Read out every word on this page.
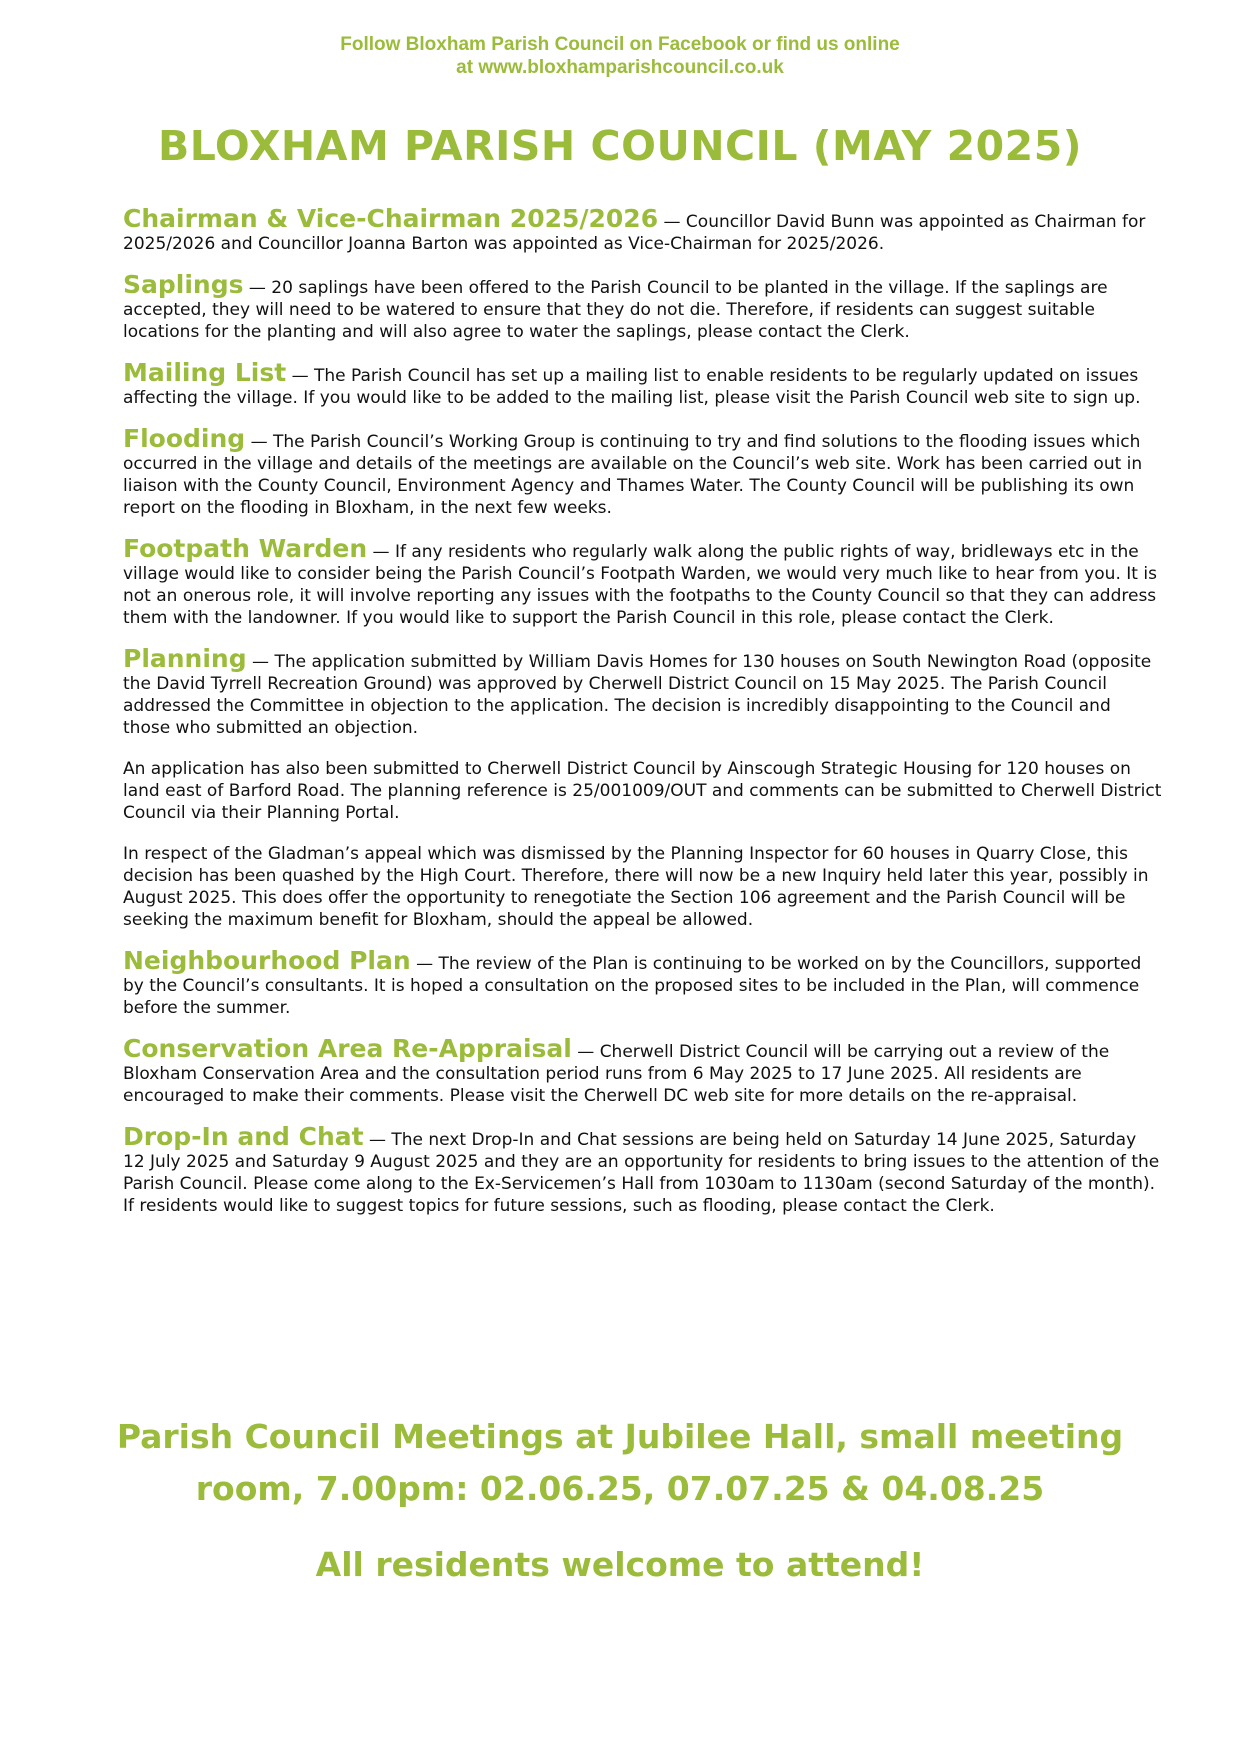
Follow Bloxham Parish Council on Facebook or find us online
at www.bloxhamparishcouncil.co.uk
BLOXHAM PARISH COUNCIL (MAY 2025)

Chairman & Vice-Chairman 2025/2026 — Councillor David Bunn was appointed as Chairman for 2025/2026 and Councillor Joanna Barton was appointed as Vice-Chairman for 2025/2026.

Saplings — 20 saplings have been offered to the Parish Council to be planted in the village. If the saplings are accepted, they will need to be watered to ensure that they do not die. Therefore, if residents can suggest suitable locations for the planting and will also agree to water the saplings, please contact the Clerk.

Mailing List — The Parish Council has set up a mailing list to enable residents to be regularly updated on issues affecting the village. If you would like to be added to the mailing list, please visit the Parish Council web site to sign up.

Flooding — The Parish Council’s Working Group is continuing to try and find solutions to the flooding issues which occurred in the village and details of the meetings are available on the Council’s web site. Work has been carried out in liaison with the County Council, Environment Agency and Thames Water. The County Council will be publishing its own report on the flooding in Bloxham, in the next few weeks.

Footpath Warden — If any residents who regularly walk along the public rights of way, bridleways etc in the village would like to consider being the Parish Council’s Footpath Warden, we would very much like to hear from you. It is not an onerous role, it will involve reporting any issues with the footpaths to the County Council so that they can address them with the landowner. If you would like to support the Parish Council in this role, please contact the Clerk.

Planning — The application submitted by William Davis Homes for 130 houses on South Newington Road (opposite the David Tyrrell Recreation Ground) was approved by Cherwell District Council on 15 May 2025. The Parish Council addressed the Committee in objection to the application. The decision is incredibly disappointing to the Council and those who submitted an objection.

An application has also been submitted to Cherwell District Council by Ainscough Strategic Housing for 120 houses on land east of Barford Road. The planning reference is 25/001009/OUT and comments can be submitted to Cherwell District Council via their Planning Portal.

In respect of the Gladman’s appeal which was dismissed by the Planning Inspector for 60 houses in Quarry Close, this decision has been quashed by the High Court. Therefore, there will now be a new Inquiry held later this year, possibly in August 2025. This does offer the opportunity to renegotiate the Section 106 agreement and the Parish Council will be seeking the maximum benefit for Bloxham, should the appeal be allowed.

Neighbourhood Plan — The review of the Plan is continuing to be worked on by the Councillors, supported by the Council’s consultants. It is hoped a consultation on the proposed sites to be included in the Plan, will commence before the summer.

Conservation Area Re-Appraisal — Cherwell District Council will be carrying out a review of the Bloxham Conservation Area and the consultation period runs from 6 May 2025 to 17 June 2025. All residents are encouraged to make their comments. Please visit the Cherwell DC web site for more details on the re-appraisal.

Drop-In and Chat — The next Drop-In and Chat sessions are being held on Saturday 14 June 2025, Saturday 12 July 2025 and Saturday 9 August 2025 and they are an opportunity for residents to bring issues to the attention of the Parish Council. Please come along to the Ex-Servicemen’s Hall from 1030am to 1130am (second Saturday of the month). If residents would like to suggest topics for future sessions, such as flooding, please contact the Clerk.

Parish Council Meetings at Jubilee Hall, small meeting
room, 7.00pm: 02.06.25, 07.07.25 & 04.08.25
All residents welcome to attend!
